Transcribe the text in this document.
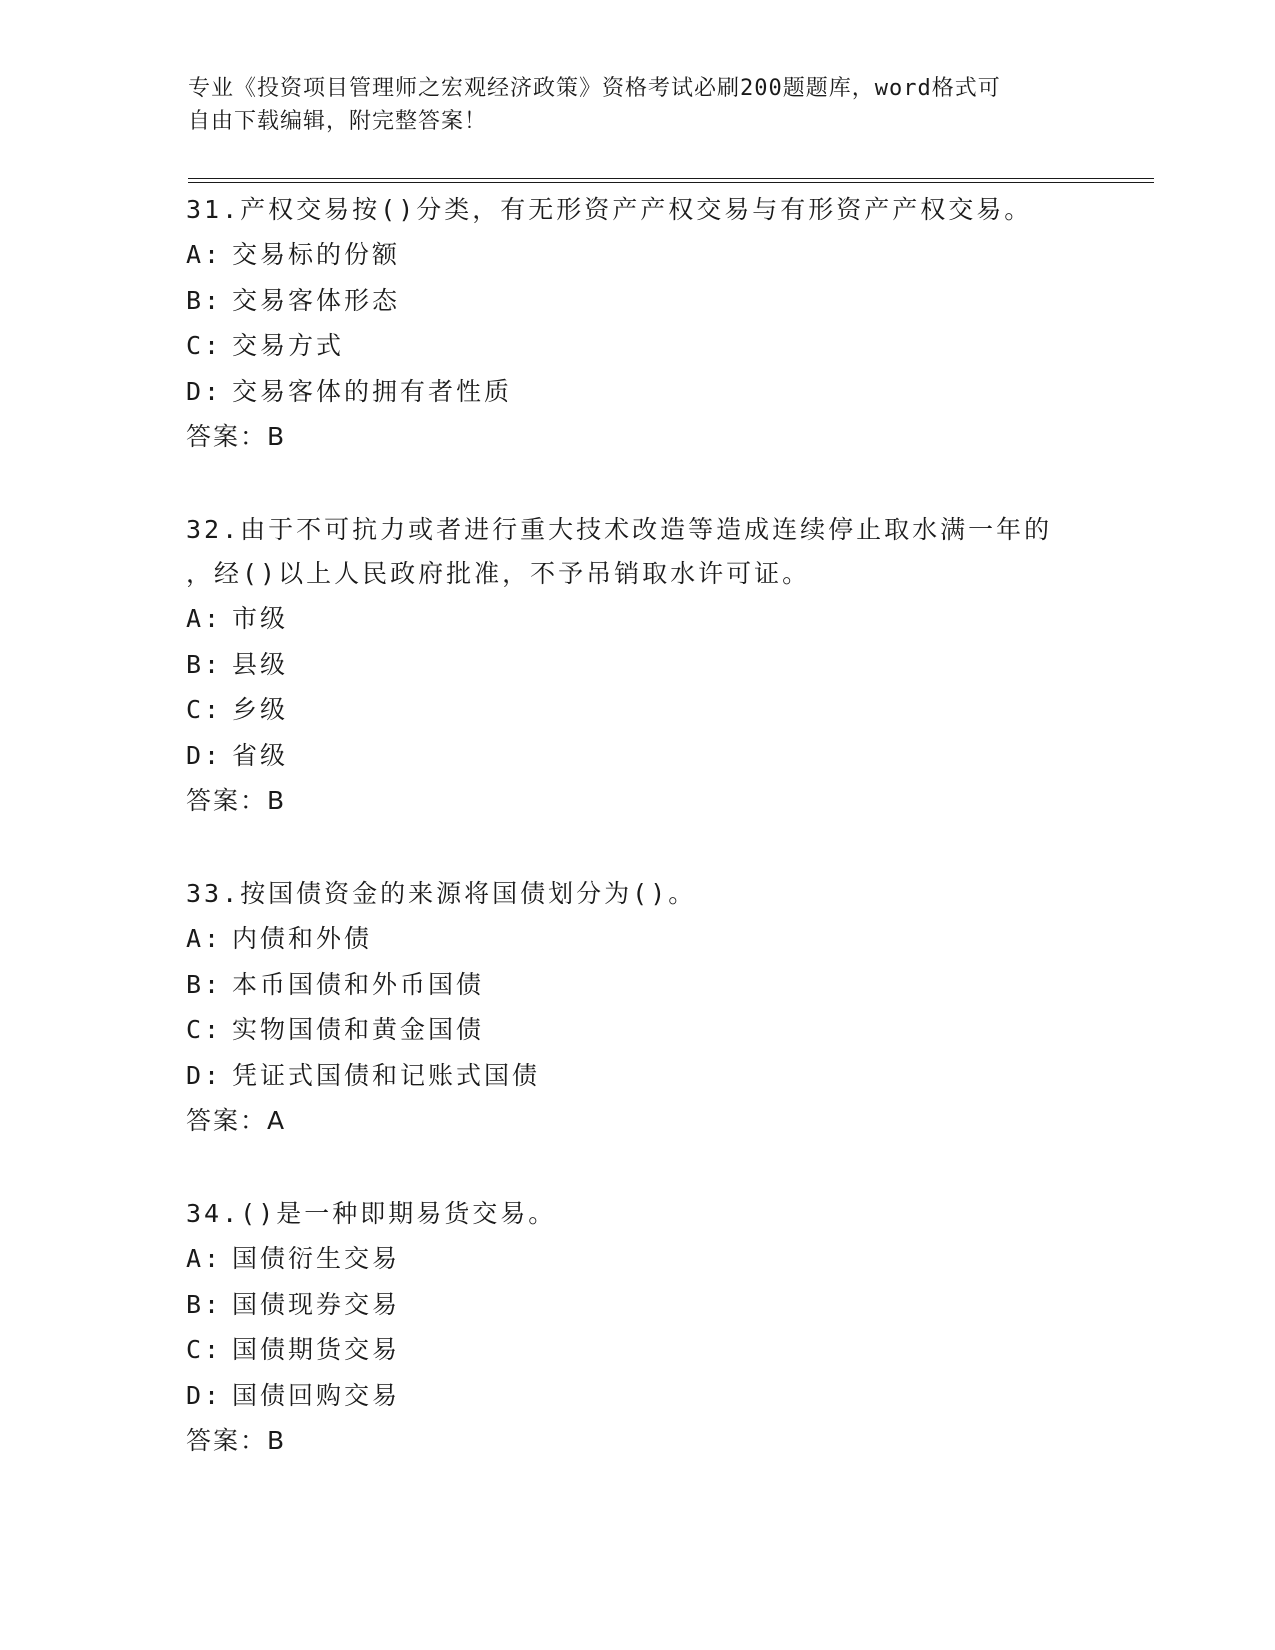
专业《投资项目管理师之宏观经济政策》资格考试必刷200题题库，word格式可
自由下载编辑，附完整答案！

31.产权交易按()分类，有无形资产产权交易与有形资产产权交易。

A: 交易标的份额

B: 交易客体形态

C: 交易方式

D: 交易客体的拥有者性质

答案：B

32.由于不可抗力或者进行重大技术改造等造成连续停止取水满一年的

，经()以上人民政府批准，不予吊销取水许可证。

A: 市级

B: 县级

C: 乡级

D: 省级

答案：B

33.按国债资金的来源将国债划分为()。

A: 内债和外债

B: 本币国债和外币国债

C: 实物国债和黄金国债

D: 凭证式国债和记账式国债

答案：A

34.()是一种即期易货交易。

A: 国债衍生交易

B: 国债现券交易

C: 国债期货交易

D: 国债回购交易

答案：B
